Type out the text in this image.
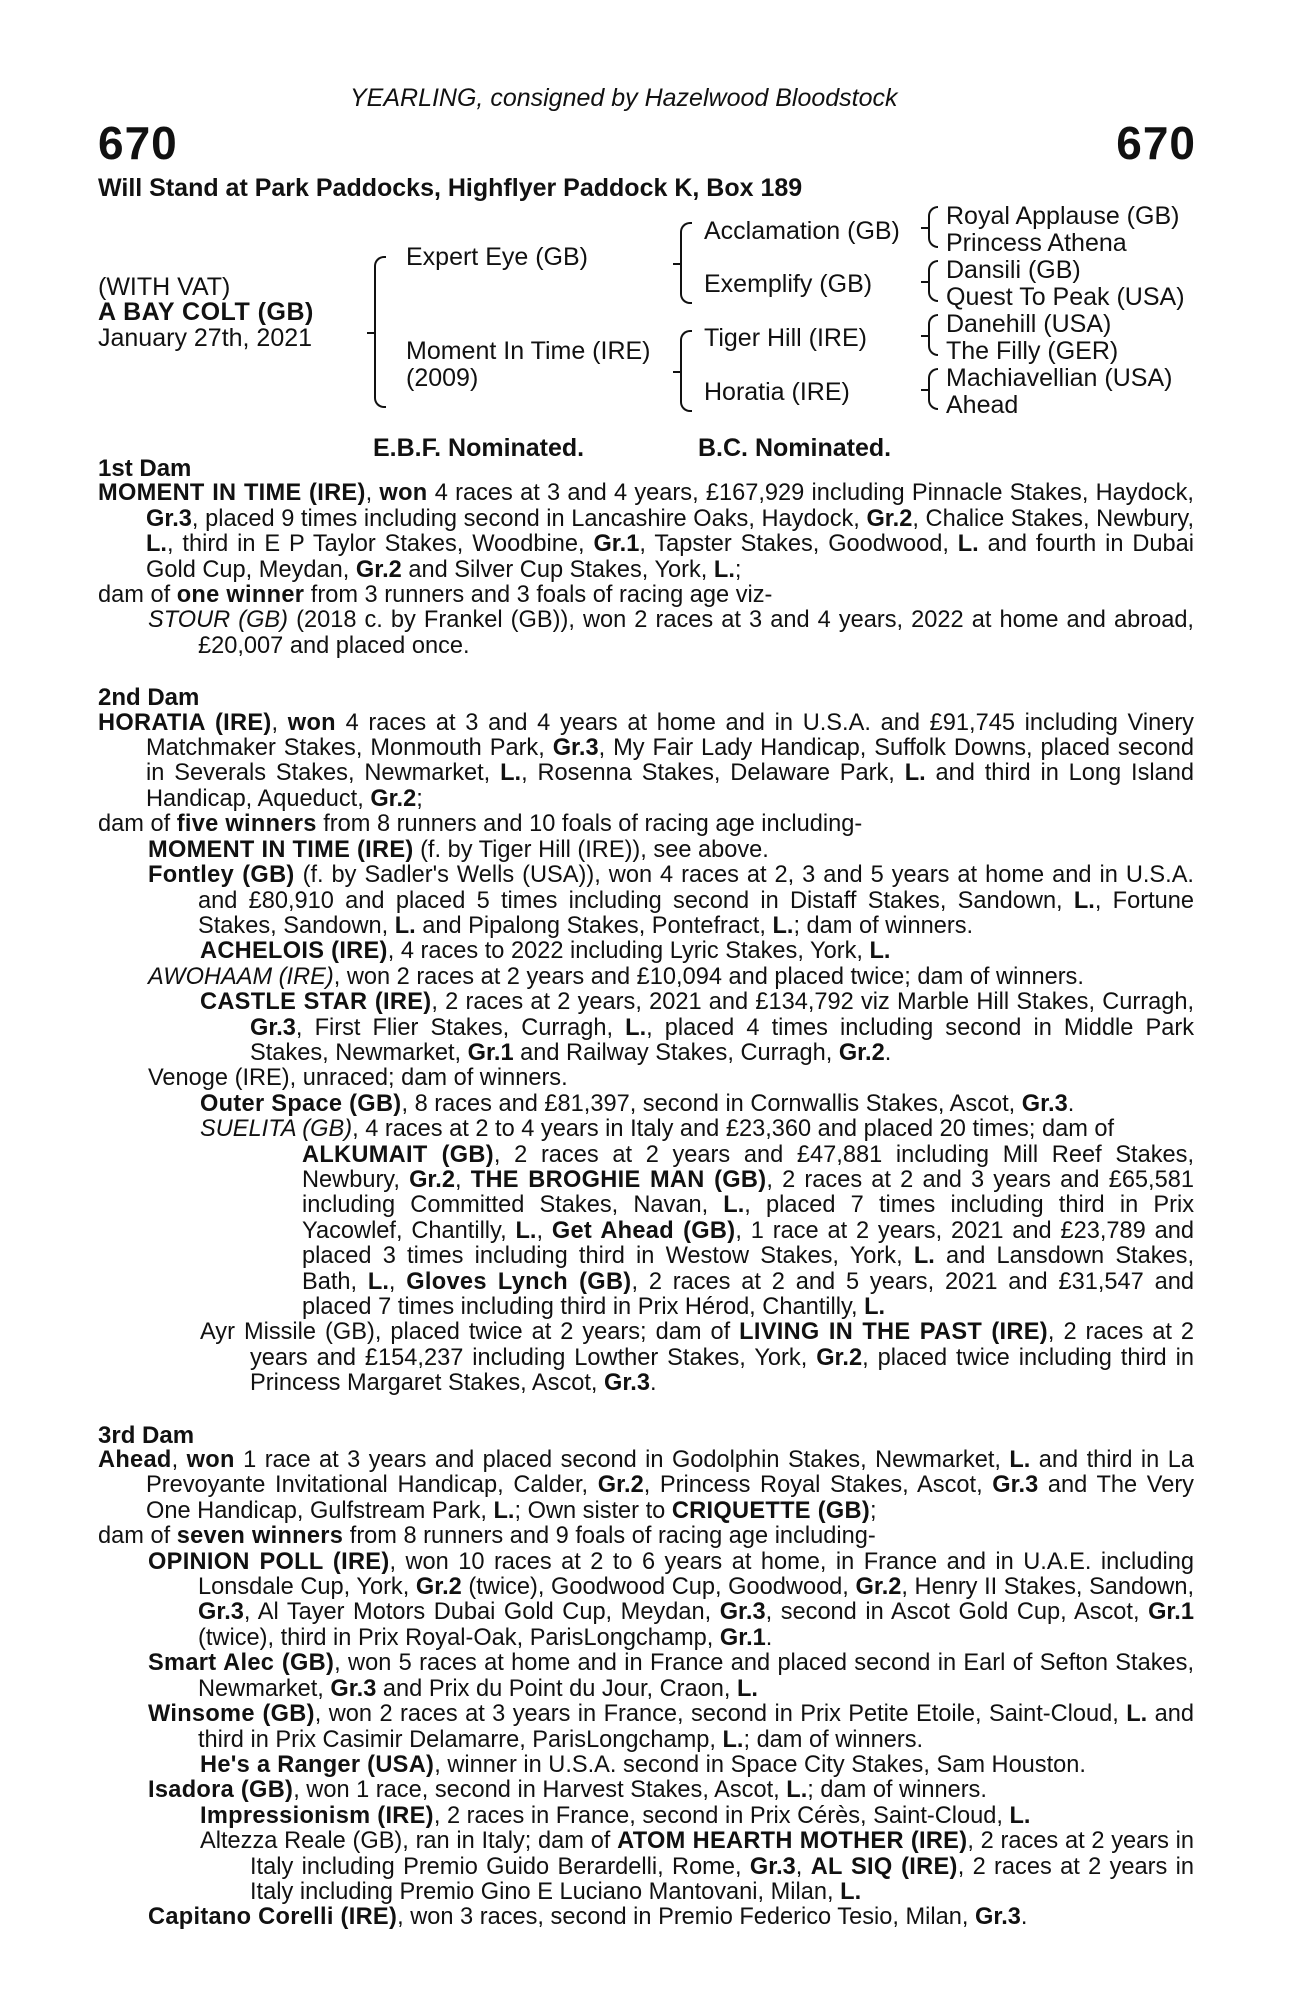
YEARLING, consigned by Hazelwood Bloodstock
670	670
Will Stand at Park Paddocks, Highflyer Paddock K, Box 189
(WITH VAT)
A BAY COLT (GB)
January 27th, 2021
Expert Eye (GB)
Moment In Time (IRE)
(2009)
Acclamation (GB)
Exemplify (GB)
Tiger Hill (IRE)
Horatia (IRE)
Royal Applause (GB)
Princess Athena
Dansili (GB)
Quest To Peak (USA)
Danehill (USA)
The Filly (GER)
Machiavellian (USA)
Ahead
E.B.F. Nominated.	B.C. Nominated.
1st Dam
MOMENT IN TIME (IRE), won 4 races at 3 and 4 years, £167,929 including Pinnacle Stakes, Haydock, Gr.3, placed 9 times including second in Lancashire Oaks, Haydock, Gr.2, Chalice Stakes, Newbury, L., third in E P Taylor Stakes, Woodbine, Gr.1, Tapster Stakes, Goodwood, L. and fourth in Dubai Gold Cup, Meydan, Gr.2 and Silver Cup Stakes, York, L.;
dam of one winner from 3 runners and 3 foals of racing age viz-
STOUR (GB) (2018 c. by Frankel (GB)), won 2 races at 3 and 4 years, 2022 at home and abroad, £20,007 and placed once.
2nd Dam
HORATIA (IRE), won 4 races at 3 and 4 years at home and in U.S.A. and £91,745 including Vinery Matchmaker Stakes, Monmouth Park, Gr.3, My Fair Lady Handicap, Suffolk Downs, placed second in Severals Stakes, Newmarket, L., Rosenna Stakes, Delaware Park, L. and third in Long Island Handicap, Aqueduct, Gr.2;
dam of five winners from 8 runners and 10 foals of racing age including-
MOMENT IN TIME (IRE) (f. by Tiger Hill (IRE)), see above.
Fontley (GB) (f. by Sadler's Wells (USA)), won 4 races at 2, 3 and 5 years at home and in U.S.A. and £80,910 and placed 5 times including second in Distaff Stakes, Sandown, L., Fortune Stakes, Sandown, L. and Pipalong Stakes, Pontefract, L.; dam of winners.
ACHELOIS (IRE), 4 races to 2022 including Lyric Stakes, York, L.
AWOHAAM (IRE), won 2 races at 2 years and £10,094 and placed twice; dam of winners.
CASTLE STAR (IRE), 2 races at 2 years, 2021 and £134,792 viz Marble Hill Stakes, Curragh, Gr.3, First Flier Stakes, Curragh, L., placed 4 times including second in Middle Park Stakes, Newmarket, Gr.1 and Railway Stakes, Curragh, Gr.2.
Venoge (IRE), unraced; dam of winners.
Outer Space (GB), 8 races and £81,397, second in Cornwallis Stakes, Ascot, Gr.3.
SUELITA (GB), 4 races at 2 to 4 years in Italy and £23,360 and placed 20 times; dam of
ALKUMAIT (GB), 2 races at 2 years and £47,881 including Mill Reef Stakes, Newbury, Gr.2, THE BROGHIE MAN (GB), 2 races at 2 and 3 years and £65,581 including Committed Stakes, Navan, L., placed 7 times including third in Prix Yacowlef, Chantilly, L., Get Ahead (GB), 1 race at 2 years, 2021 and £23,789 and placed 3 times including third in Westow Stakes, York, L. and Lansdown Stakes, Bath, L., Gloves Lynch (GB), 2 races at 2 and 5 years, 2021 and £31,547 and placed 7 times including third in Prix Hérod, Chantilly, L.
Ayr Missile (GB), placed twice at 2 years; dam of LIVING IN THE PAST (IRE), 2 races at 2 years and £154,237 including Lowther Stakes, York, Gr.2, placed twice including third in Princess Margaret Stakes, Ascot, Gr.3.
3rd Dam
Ahead, won 1 race at 3 years and placed second in Godolphin Stakes, Newmarket, L. and third in La Prevoyante Invitational Handicap, Calder, Gr.2, Princess Royal Stakes, Ascot, Gr.3 and The Very One Handicap, Gulfstream Park, L.; Own sister to CRIQUETTE (GB);
dam of seven winners from 8 runners and 9 foals of racing age including-
OPINION POLL (IRE), won 10 races at 2 to 6 years at home, in France and in U.A.E. including Lonsdale Cup, York, Gr.2 (twice), Goodwood Cup, Goodwood, Gr.2, Henry II Stakes, Sandown, Gr.3, Al Tayer Motors Dubai Gold Cup, Meydan, Gr.3, second in Ascot Gold Cup, Ascot, Gr.1 (twice), third in Prix Royal-Oak, ParisLongchamp, Gr.1.
Smart Alec (GB), won 5 races at home and in France and placed second in Earl of Sefton Stakes, Newmarket, Gr.3 and Prix du Point du Jour, Craon, L.
Winsome (GB), won 2 races at 3 years in France, second in Prix Petite Etoile, Saint-Cloud, L. and third in Prix Casimir Delamarre, ParisLongchamp, L.; dam of winners.
He's a Ranger (USA), winner in U.S.A. second in Space City Stakes, Sam Houston.
Isadora (GB), won 1 race, second in Harvest Stakes, Ascot, L.; dam of winners.
Impressionism (IRE), 2 races in France, second in Prix Cérès, Saint-Cloud, L.
Altezza Reale (GB), ran in Italy; dam of ATOM HEARTH MOTHER (IRE), 2 races at 2 years in Italy including Premio Guido Berardelli, Rome, Gr.3, AL SIQ (IRE), 2 races at 2 years in Italy including Premio Gino E Luciano Mantovani, Milan, L.
Capitano Corelli (IRE), won 3 races, second in Premio Federico Tesio, Milan, Gr.3.
